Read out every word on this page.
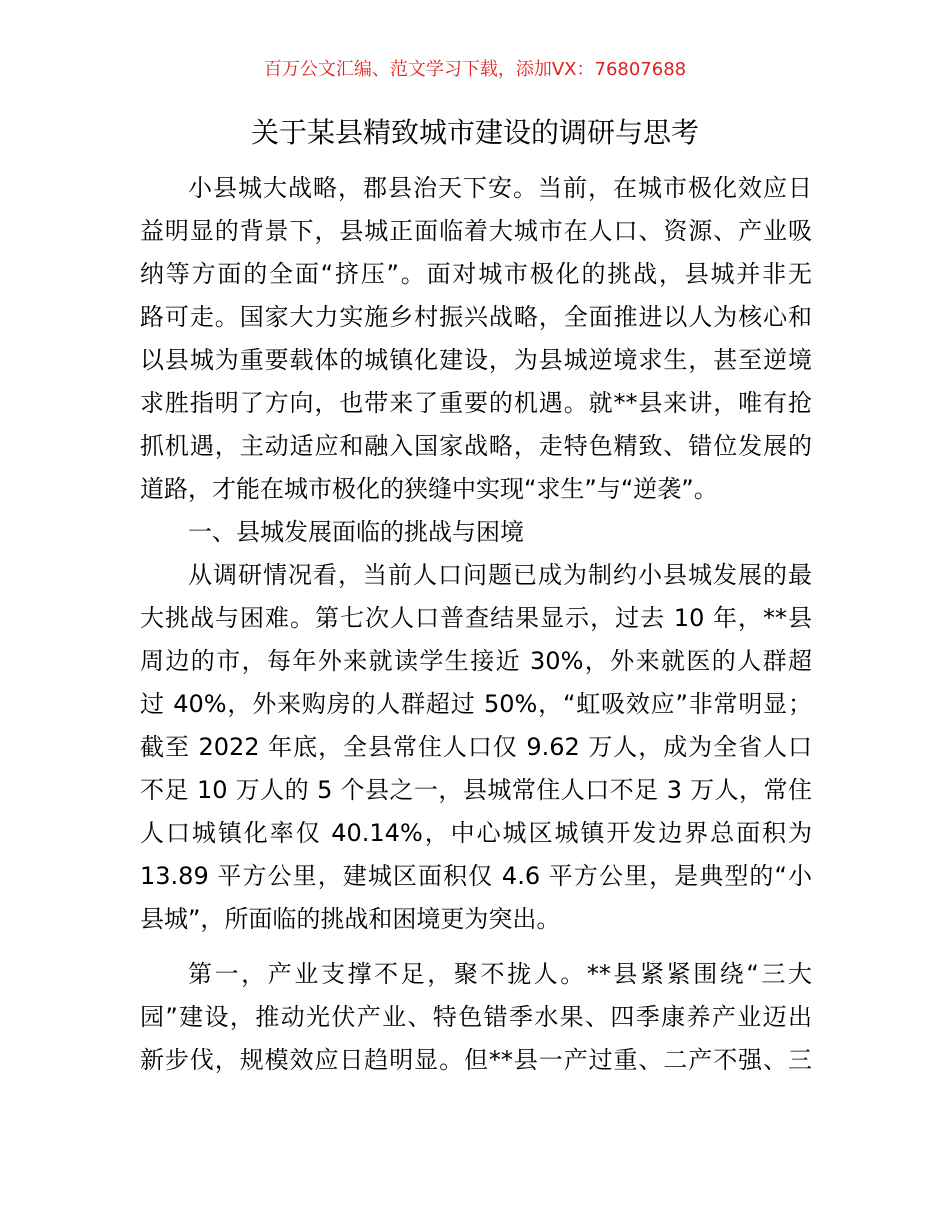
百万公文汇编、范文学习下载，添加VX：76807688
关于某县精致城市建设的调研与思考
小县城大战略，郡县治天下安。当前，在城市极化效应日
益明显的背景下，县城正面临着大城市在人口、资源、产业吸
纳等方面的全面“挤压”。面对城市极化的挑战，县城并非无
路可走。国家大力实施乡村振兴战略，全面推进以人为核心和
以县城为重要载体的城镇化建设，为县城逆境求生，甚至逆境
求胜指明了方向，也带来了重要的机遇。就**县来讲，唯有抢
抓机遇，主动适应和融入国家战略，走特色精致、错位发展的
道路，才能在城市极化的狭缝中实现“求生”与“逆袭”。
一、县城发展面临的挑战与困境
从调研情况看，当前人口问题已成为制约小县城发展的最
大挑战与困难。第七次人口普查结果显示，过去 10 年，**县
周边的市，每年外来就读学生接近 30%，外来就医的人群超
过 40%，外来购房的人群超过 50%，“虹吸效应”非常明显；
截至 2022 年底，全县常住人口仅 9.62 万人，成为全省人口
不足 10 万人的 5 个县之一，县城常住人口不足 3 万人，常住
人口城镇化率仅 40.14%，中心城区城镇开发边界总面积为
13.89 平方公里，建城区面积仅 4.6 平方公里，是典型的“小
县城”，所面临的挑战和困境更为突出。
第一，产业支撑不足，聚不拢人。**县紧紧围绕“三大
园”建设，推动光伏产业、特色错季水果、四季康养产业迈出
新步伐，规模效应日趋明显。但**县一产过重、二产不强、三
